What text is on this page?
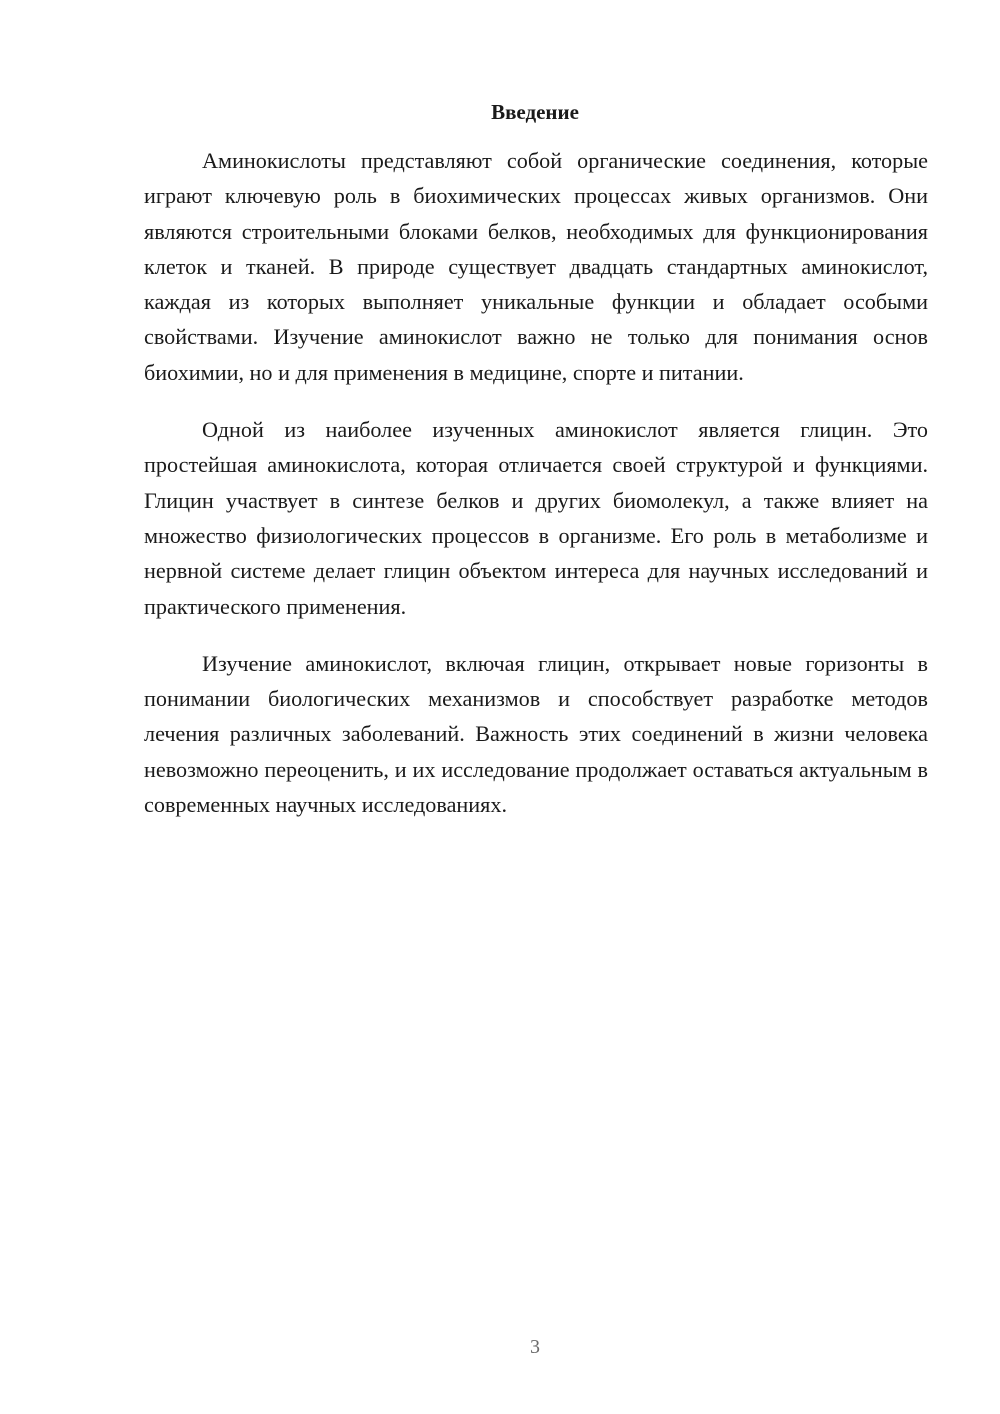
Введение

Аминокислоты представляют собой органические соединения, которые играют ключевую роль в биохимических процессах живых организмов. Они являются строительными блоками белков, необходимых для функционирования клеток и тканей. В природе существует двадцать стандартных аминокислот, каждая из которых выполняет уникальные функции и обладает особыми свойствами. Изучение аминокислот важно не только для понимания основ биохимии, но и для применения в медицине, спорте и питании.

Одной из наиболее изученных аминокислот является глицин. Это простейшая аминокислота, которая отличается своей структурой и функциями. Глицин участвует в синтезе белков и других биомолекул, а также влияет на множество физиологических процессов в организме. Его роль в метаболизме и нервной системе делает глицин объектом интереса для научных исследований и практического применения.

Изучение аминокислот, включая глицин, открывает новые горизонты в понимании биологических механизмов и способствует разработке методов лечения различных заболеваний. Важность этих соединений в жизни человека невозможно переоценить, и их исследование продолжает оставаться актуальным в современных научных исследованиях.

3
